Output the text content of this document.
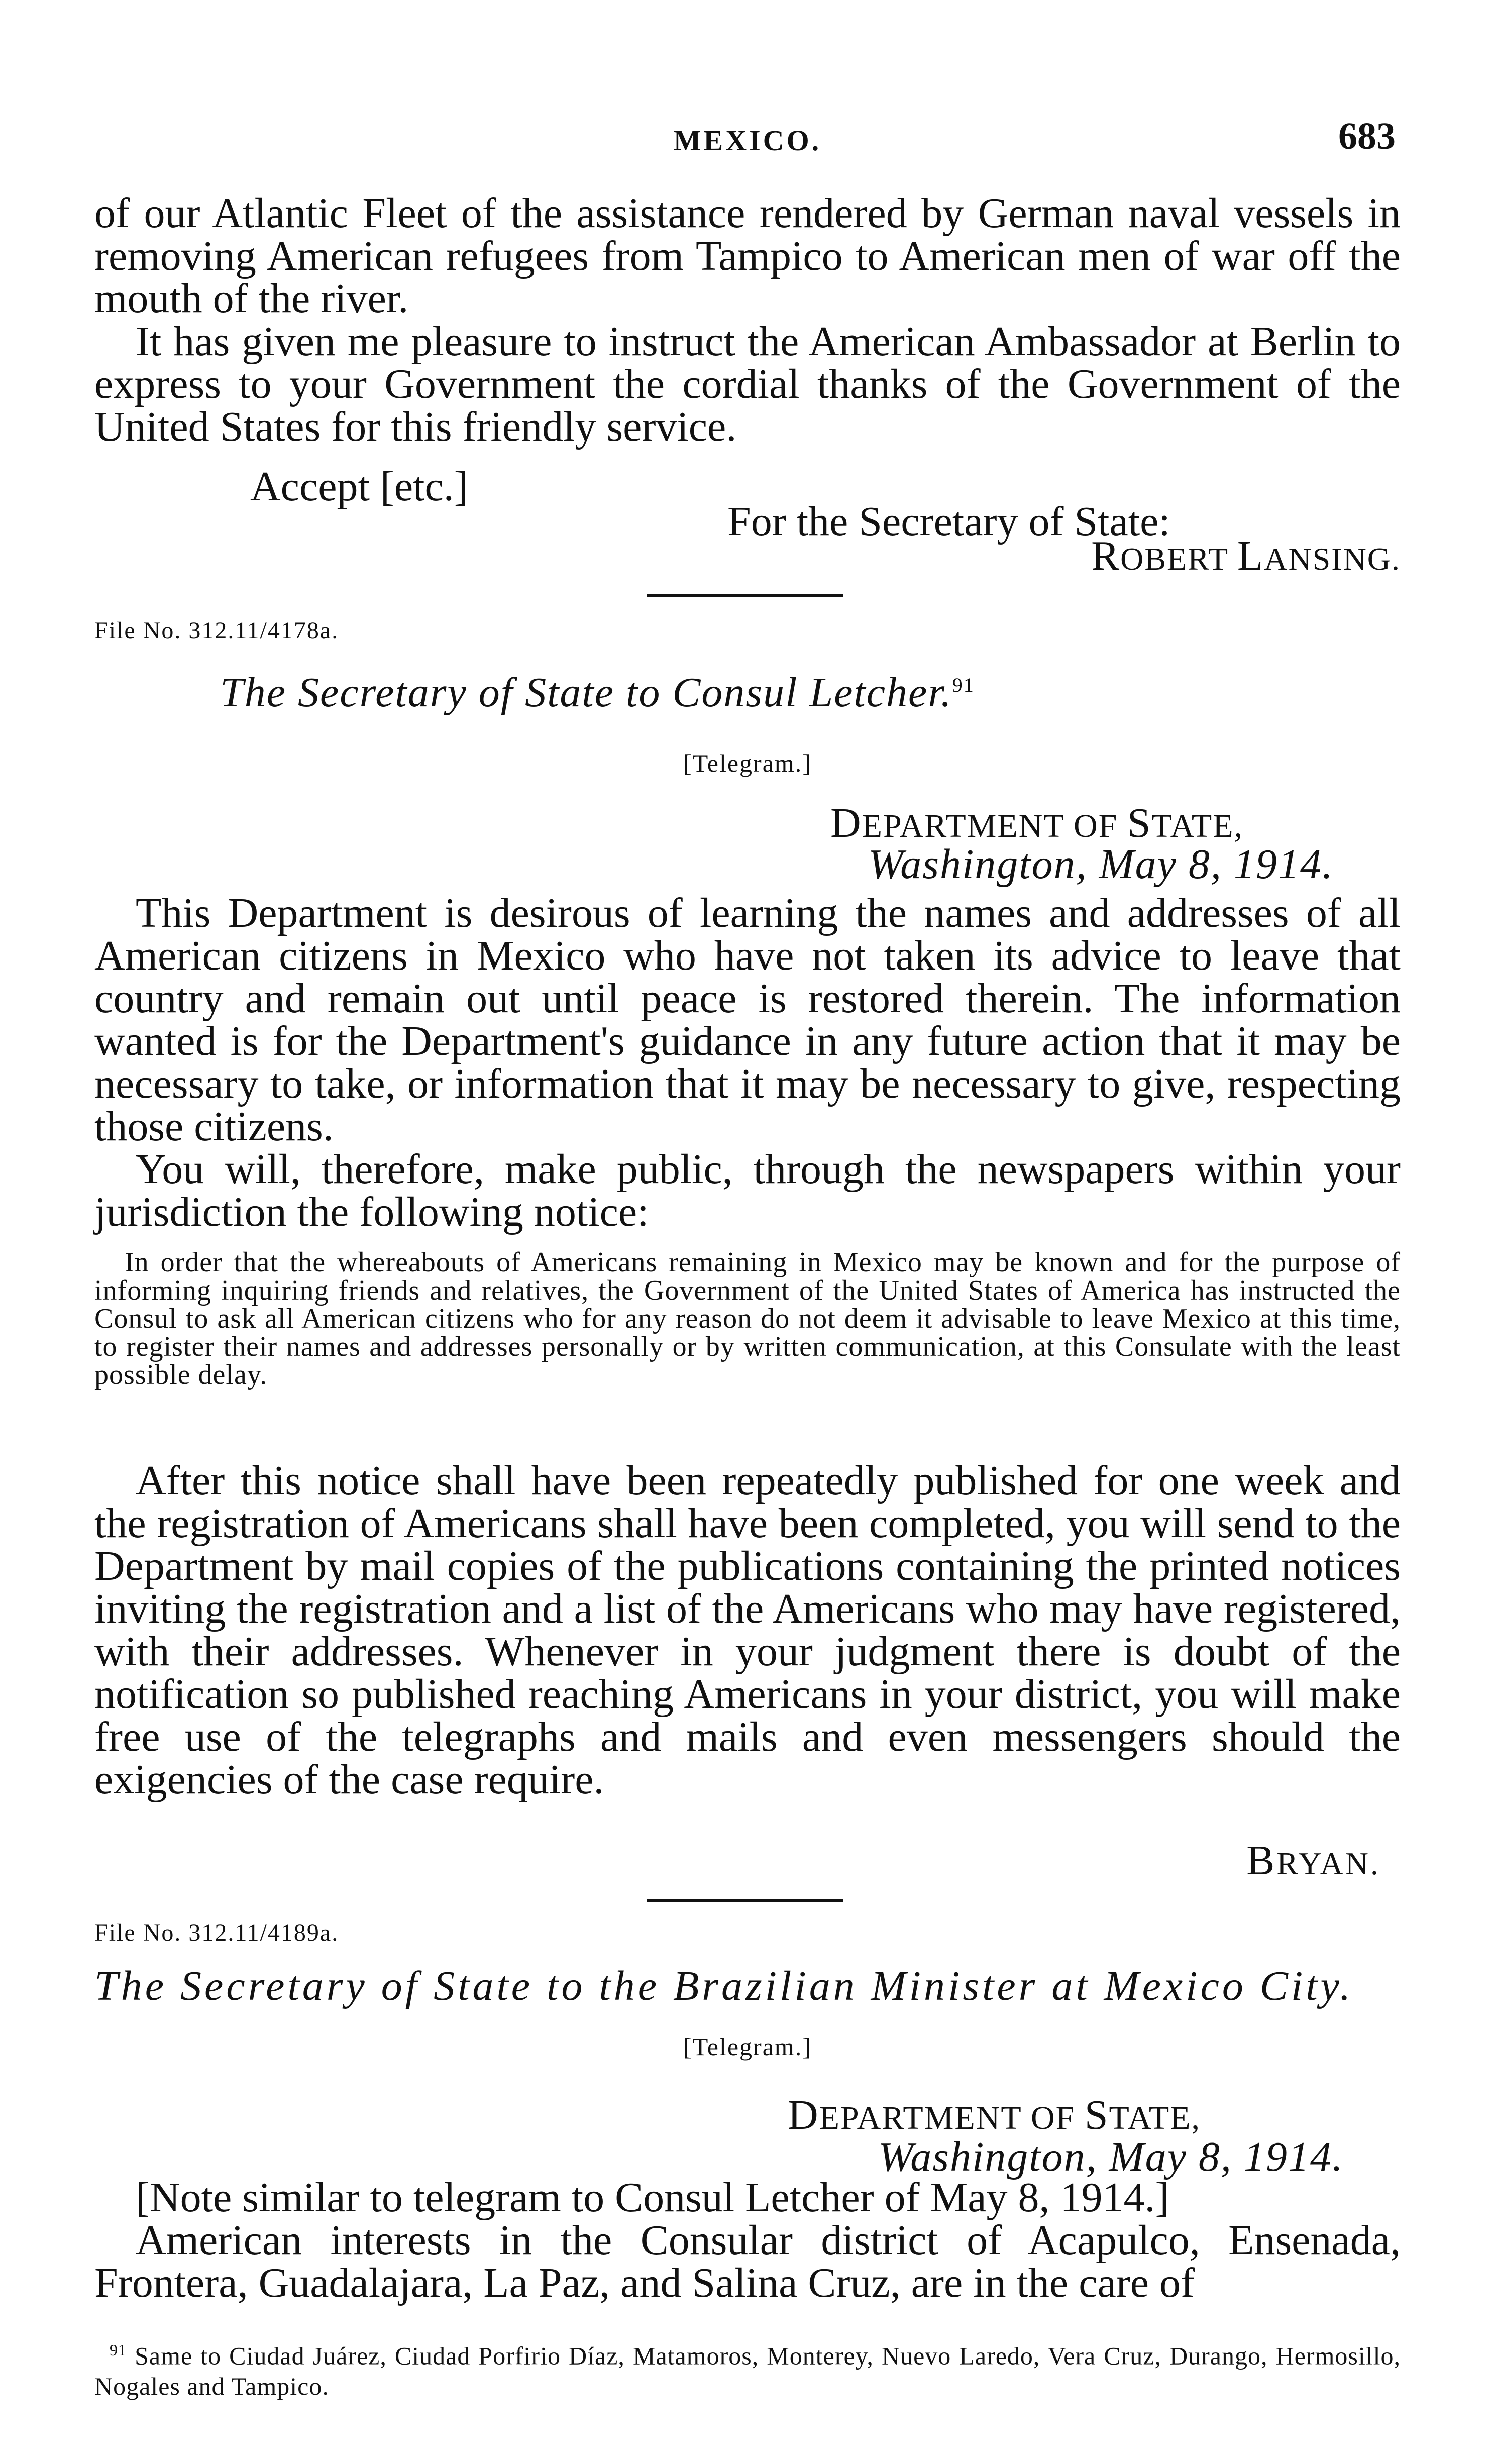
MEXICO.	683

of our Atlantic Fleet of the assistance rendered by German naval vessels in removing American refugees from Tampico to American men of war off the mouth of the river.

It has given me pleasure to instruct the American Ambassador at Berlin to express to your Government the cordial thanks of the Government of the United States for this friendly service.

Accept [etc.]
For the Secretary of State:
ROBERT LANSING.
File No. 312.11/4178a.
The Secretary of State to Consul Letcher.$^{91}$
[Telegram.]
DEPARTMENT OF STATE,
Washington, May 8, 1914.

This Department is desirous of learning the names and addresses of all American citizens in Mexico who have not taken its advice to leave that country and remain out until peace is restored therein. The information wanted is for the Department's guidance in any future action that it may be necessary to take, or information that it may be necessary to give, respecting those citizens.

You will, therefore, make public, through the newspapers within your jurisdiction the following notice:

In order that the whereabouts of Americans remaining in Mexico may be known and for the purpose of informing inquiring friends and relatives, the Government of the United States of America has instructed the Consul to ask all American citizens who for any reason do not deem it advisable to leave Mexico at this time, to register their names and addresses personally or by written communication, at this Consulate with the least possible delay.

After this notice shall have been repeatedly published for one week and the registration of Americans shall have been completed, you will send to the Department by mail copies of the publications containing the printed notices inviting the registration and a list of the Americans who may have registered, with their addresses. Whenever in your judgment there is doubt of the notification so published reaching Americans in your district, you will make free use of the telegraphs and mails and even messengers should the exigencies of the case require.

BRYAN.
File No. 312.11/4189a.
The Secretary of State to the Brazilian Minister at Mexico City.
[Telegram.]
DEPARTMENT OF STATE,
Washington, May 8, 1914.

[Note similar to telegram to Consul Letcher of May 8, 1914.]

American interests in the Consular district of Acapulco, Ensenada, Frontera, Guadalajara, La Paz, and Salina Cruz, are in the care of

$^{91}$ Same to Ciudad Juárez, Ciudad Porfirio Díaz, Matamoros, Monterey, Nuevo Laredo, Vera Cruz, Durango, Hermosillo, Nogales and Tampico.
